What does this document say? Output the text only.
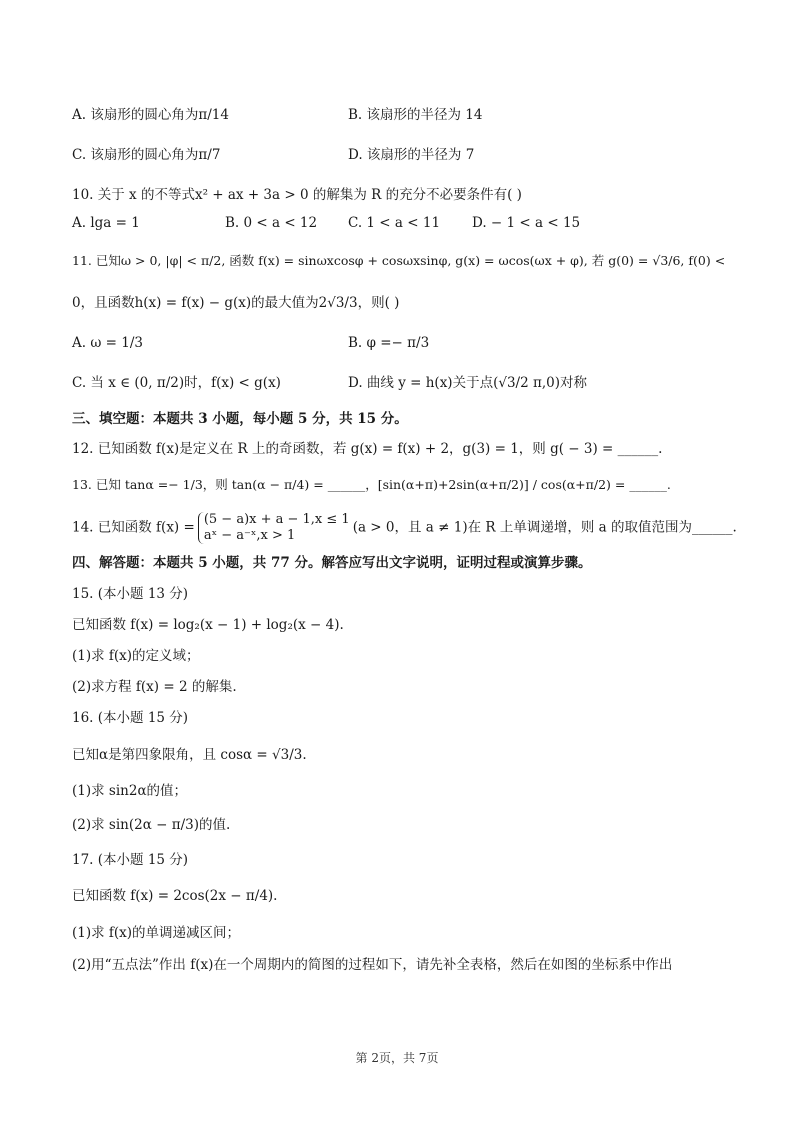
A. 该扇形的圆心角为π/14	B. 该扇形的半径为 14
C. 该扇形的圆心角为π/7	D. 该扇形的半径为 7
10. 关于 x 的不等式x² + ax + 3a > 0 的解集为 R 的充分不必要条件有( )
A. lga = 1	B. 0 < a < 12 C. 1 < a < 11 D. − 1 < a < 15
11. 已知ω > 0, |φ| < π/2, 函数 f(x) = sinωxcosφ + cosωxsinφ, g(x) = ωcos(ωx + φ), 若 g(0) = √3/6, f(0) <
0，且函数h(x) = f(x) − g(x)的最大值为2√3/3，则( )
A. ω = 1/3	B. φ =− π/3
C. 当 x ∈ (0, π/2)时，f(x) < g(x)	D. 曲线 y = h(x)关于点(√3/2 π,0)对称
三、填空题：本题共 3 小题，每小题 5 分，共 15 分。
12. 已知函数 f(x)是定义在 R 上的奇函数，若 g(x) = f(x) + 2，g(3) = 1，则 g( − 3) = ______.
13. 已知 tanα =− 1/3，则 tan(α − π/4) = ______，[sin(α+π)+2sin(α+π/2)] / cos(α+π/2) = ______.
14. 已知函数 f(x) = (5 − a)x + a − 1,x ≤ 1
aˣ − a⁻ˣ,x > 1	(a > 0，且 a ≠ 1)在 R 上单调递增，则 a 的取值范围为______.
四、解答题：本题共 5 小题，共 77 分。解答应写出文字说明，证明过程或演算步骤。
15. (本小题 13 分)
已知函数 f(x) = log₂(x − 1) + log₂(x − 4).
(1)求 f(x)的定义域；
(2)求方程 f(x) = 2 的解集.
16. (本小题 15 分)
已知α是第四象限角，且 cosα = √3/3.
(1)求 sin2α的值；
(2)求 sin(2α − π/3)的值.
17. (本小题 15 分)
已知函数 f(x) = 2cos(2x − π/4).
(1)求 f(x)的单调递减区间；
(2)用“五点法”作出 f(x)在一个周期内的简图的过程如下，请先补全表格，然后在如图的坐标系中作出
第 2页，共 7页
